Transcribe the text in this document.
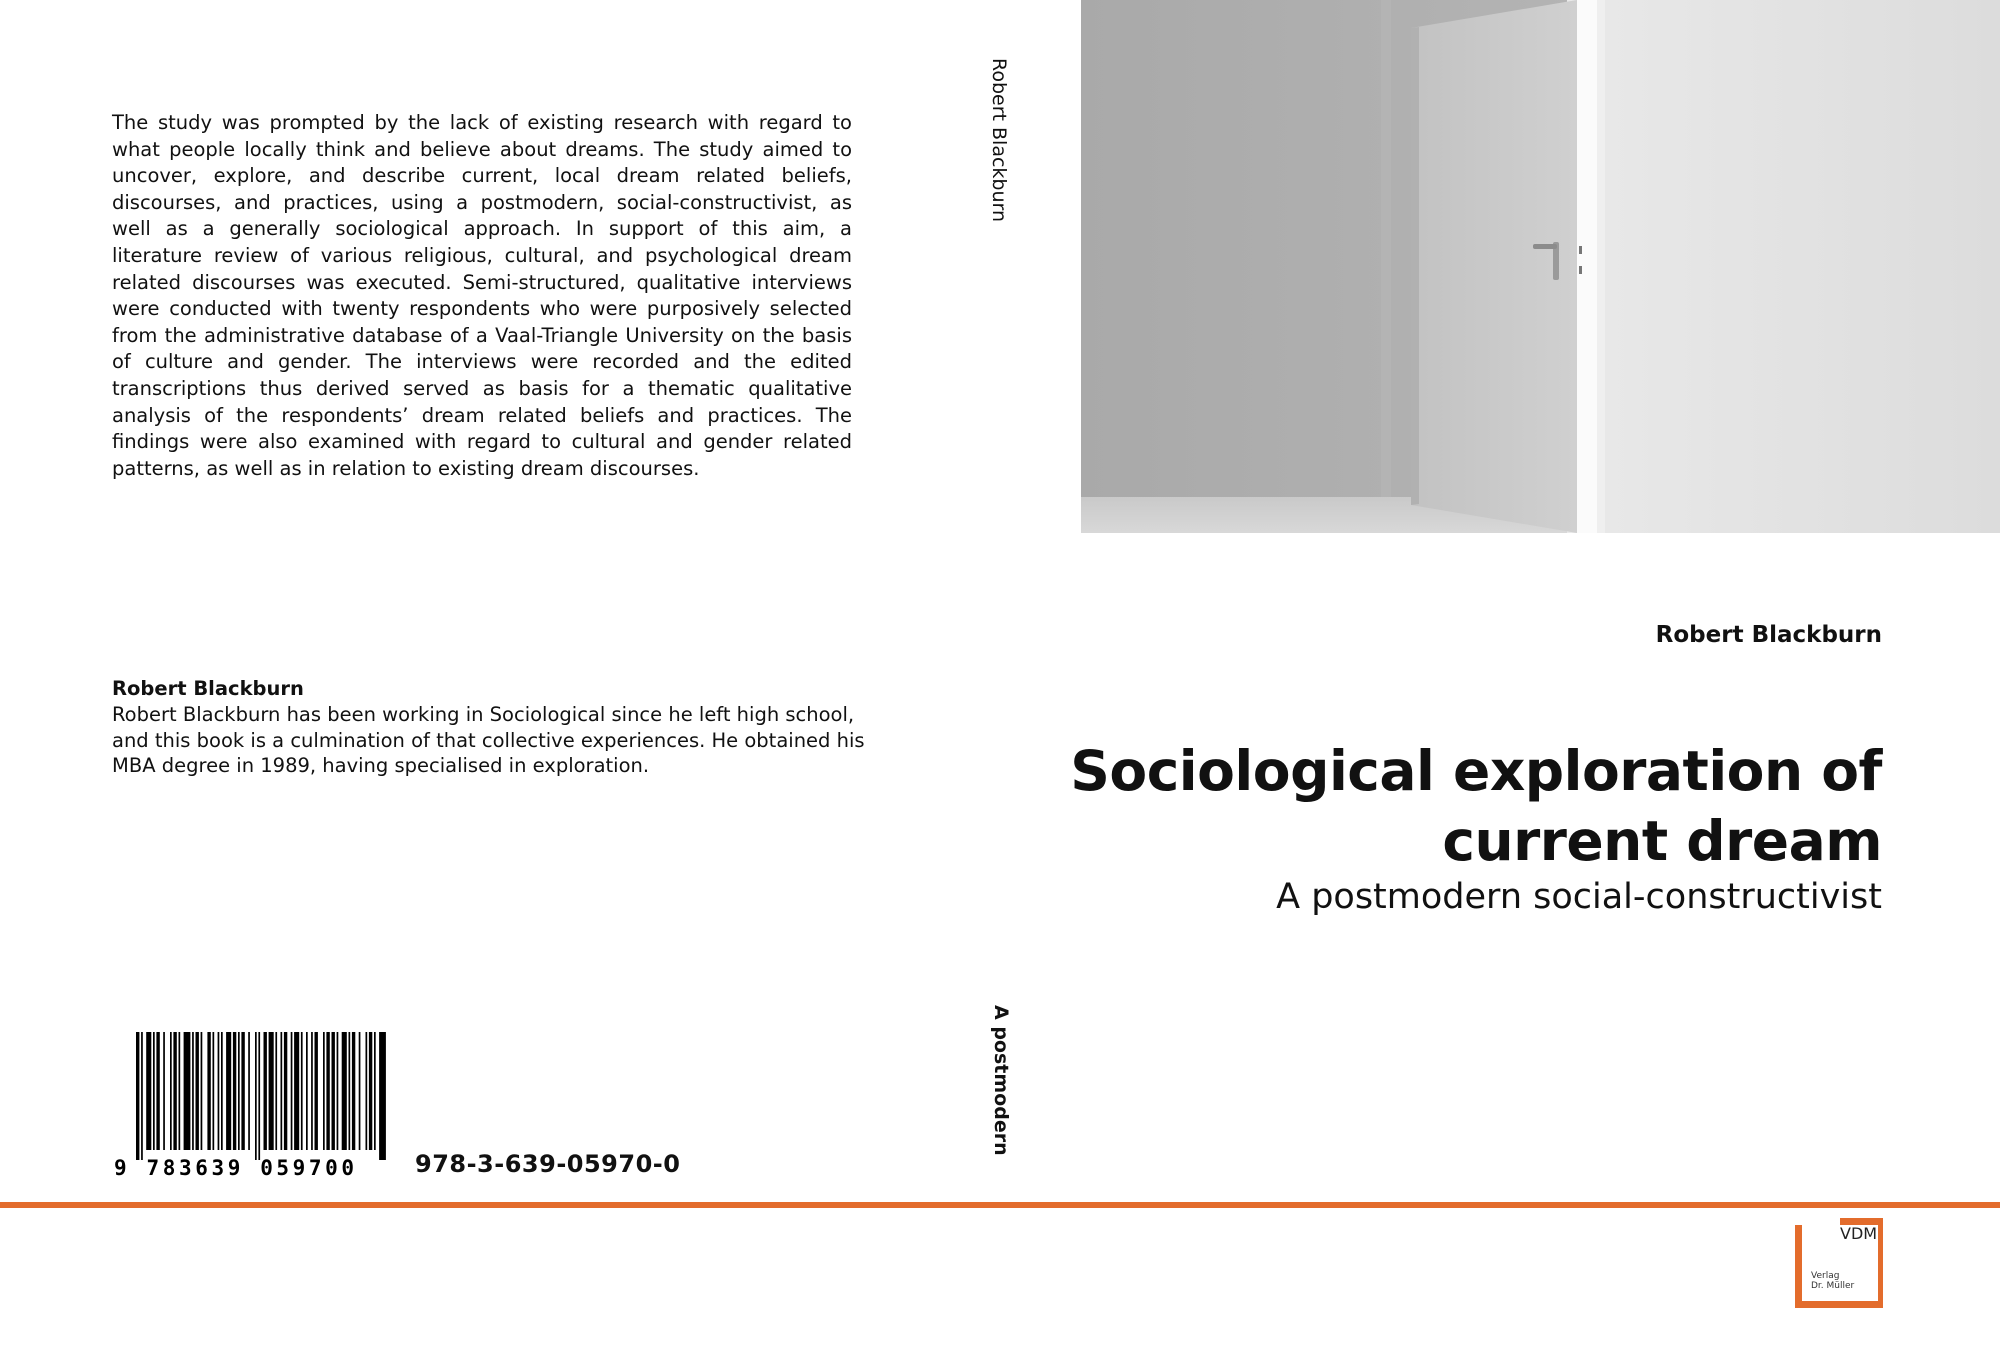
The study was prompted by the lack of existing research with regard to what people locally think and believe about dreams. The study aimed to uncover, explore, and describe current, local dream related beliefs, discourses, and practices, using a postmodern, social-constructivist, as well as a generally sociological approach. In support of this aim, a literature review of various religious, cultural, and psychological dream related discourses was executed. Semi-structured, qualitative interviews were conducted with twenty respondents who were purposively selected from the administrative database of a Vaal-Triangle University on the basis of culture and gender. The interviews were recorded and the edited transcriptions thus derived served as basis for a thematic qualitative analysis of the respondents’ dream related beliefs and practices. The findings were also examined with regard to cultural and gender related patterns, as well as in relation to existing dream discourses.
Robert Blackburn
Robert Blackburn has been working in Sociological since he left high school, and this book is a culmination of that collective experiences. He obtained his MBA degree in 1989, having specialised in exploration.
9 783639 059700 978-3-639-05970-0
Robert Blackburn
A postmodern
Robert Blackburn
Sociological exploration of current dream
A postmodern social-constructivist
VDM
Verlag
Dr. Müller
